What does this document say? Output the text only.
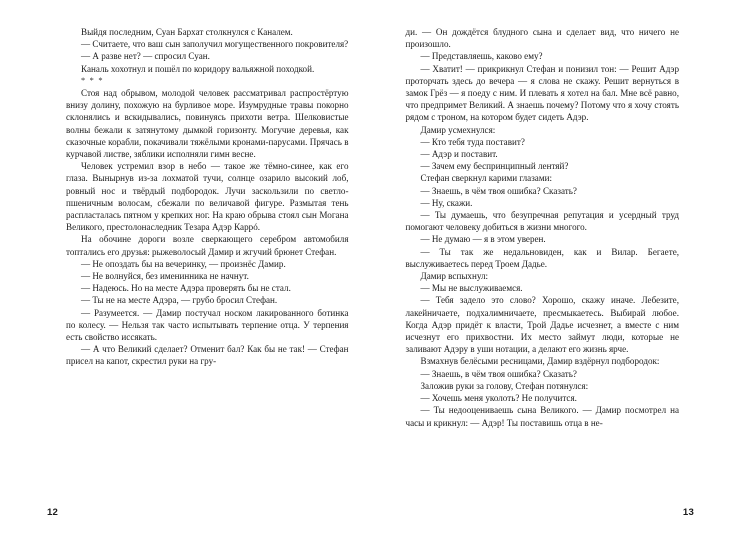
Выйдя последним, Суан Бархат столкнулся с Каналем.

— Считаете, что ваш сын заполучил могущественного покровителя?

— А разве нет? — спросил Суан.

Каналь хохотнул и пошёл по коридору вальяжной походкой.

* * *

Стоя над обрывом, молодой человек рассматривал распростёртую внизу долину, похожую на бурливое море. Изумрудные травы покорно склонялись и вскидывались, повинуясь прихоти ветра. Шелковистые волны бежали к затянутому дымкой горизонту. Могучие деревья, как сказочные корабли, покачивали тяжёлыми кронами-парусами. Прячась в курчавой листве, зяблики исполняли гимн весне.

Человек устремил взор в небо — такое же тёмно-синее, как его глаза. Вынырнув из-за лохматой тучи, солнце озарило высокий лоб, ровный нос и твёрдый подбородок. Лучи заскользили по светло-пшеничным волосам, сбежали по величавой фигуре. Размытая тень распласталась пятном у крепких ног. На краю обрыва стоял сын Могана Великого, престолонаследник Тезара Адэр Каррó.

На обочине дороги возле сверкающего серебром автомобиля топтались его друзья: рыжеволосый Дамир и жгучий брюнет Стефан.

— Не опоздать бы на вечеринку, — произнёс Дамир.

— Не волнуйся, без именинника не начнут.

— Надеюсь. Но на месте Адэра проверять бы не стал.

— Ты не на месте Адэра, — грубо бросил Стефан.

— Разумеется. — Дамир постучал носком лакированного ботинка по колесу. — Нельзя так часто испытывать терпение отца. У терпения есть свойство иссякать.

— А что Великий сделает? Отменит бал? Как бы не так! — Стефан присел на капот, скрестил руки на гру-

12

ди. — Он дождётся блудного сына и сделает вид, что ничего не произошло.

— Представляешь, каково ему?

— Хватит! — прикрикнул Стефан и понизил тон: — Решит Адэр проторчать здесь до вечера — я слова не скажу. Решит вернуться в замок Грёз — я поеду с ним. И плевать я хотел на бал. Мне всё равно, что предпримет Великий. А знаешь почему? Потому что я хочу стоять рядом с троном, на котором будет сидеть Адэр.

Дамир усмехнулся:

— Кто тебя туда поставит?

— Адэр и поставит.

— Зачем ему беспринципный лентяй?

Стефан сверкнул карими глазами:

— Знаешь, в чём твоя ошибка? Сказать?

— Ну, скажи.

— Ты думаешь, что безупречная репутация и усердный труд помогают человеку добиться в жизни многого.

— Не думаю — я в этом уверен.

— Ты так же недальновиден, как и Вилар. Бегаете, выслуживаетесь перед Троем Дадье.

Дамир вспыхнул:

— Мы не выслуживаемся.

— Тебя задело это слово? Хорошо, скажу иначе. Лебезите, лакейничаете, подхалимничаете, пресмыкаетесь. Выбирай любое. Когда Адэр придёт к власти, Трой Дадье исчезнет, а вместе с ним исчезнут его прихвостни. Их место займут люди, которые не заливают Адэру в уши нотации, а делают его жизнь ярче.

Взмахнув белёсыми ресницами, Дамир вздёрнул подбородок:

— Знаешь, в чём твоя ошибка? Сказать?

Заложив руки за голову, Стефан потянулся:

— Хочешь меня уколоть? Не получится.

— Ты недооцениваешь сына Великого. — Дамир посмотрел на часы и крикнул: — Адэр! Ты поставишь отца в не-

13
